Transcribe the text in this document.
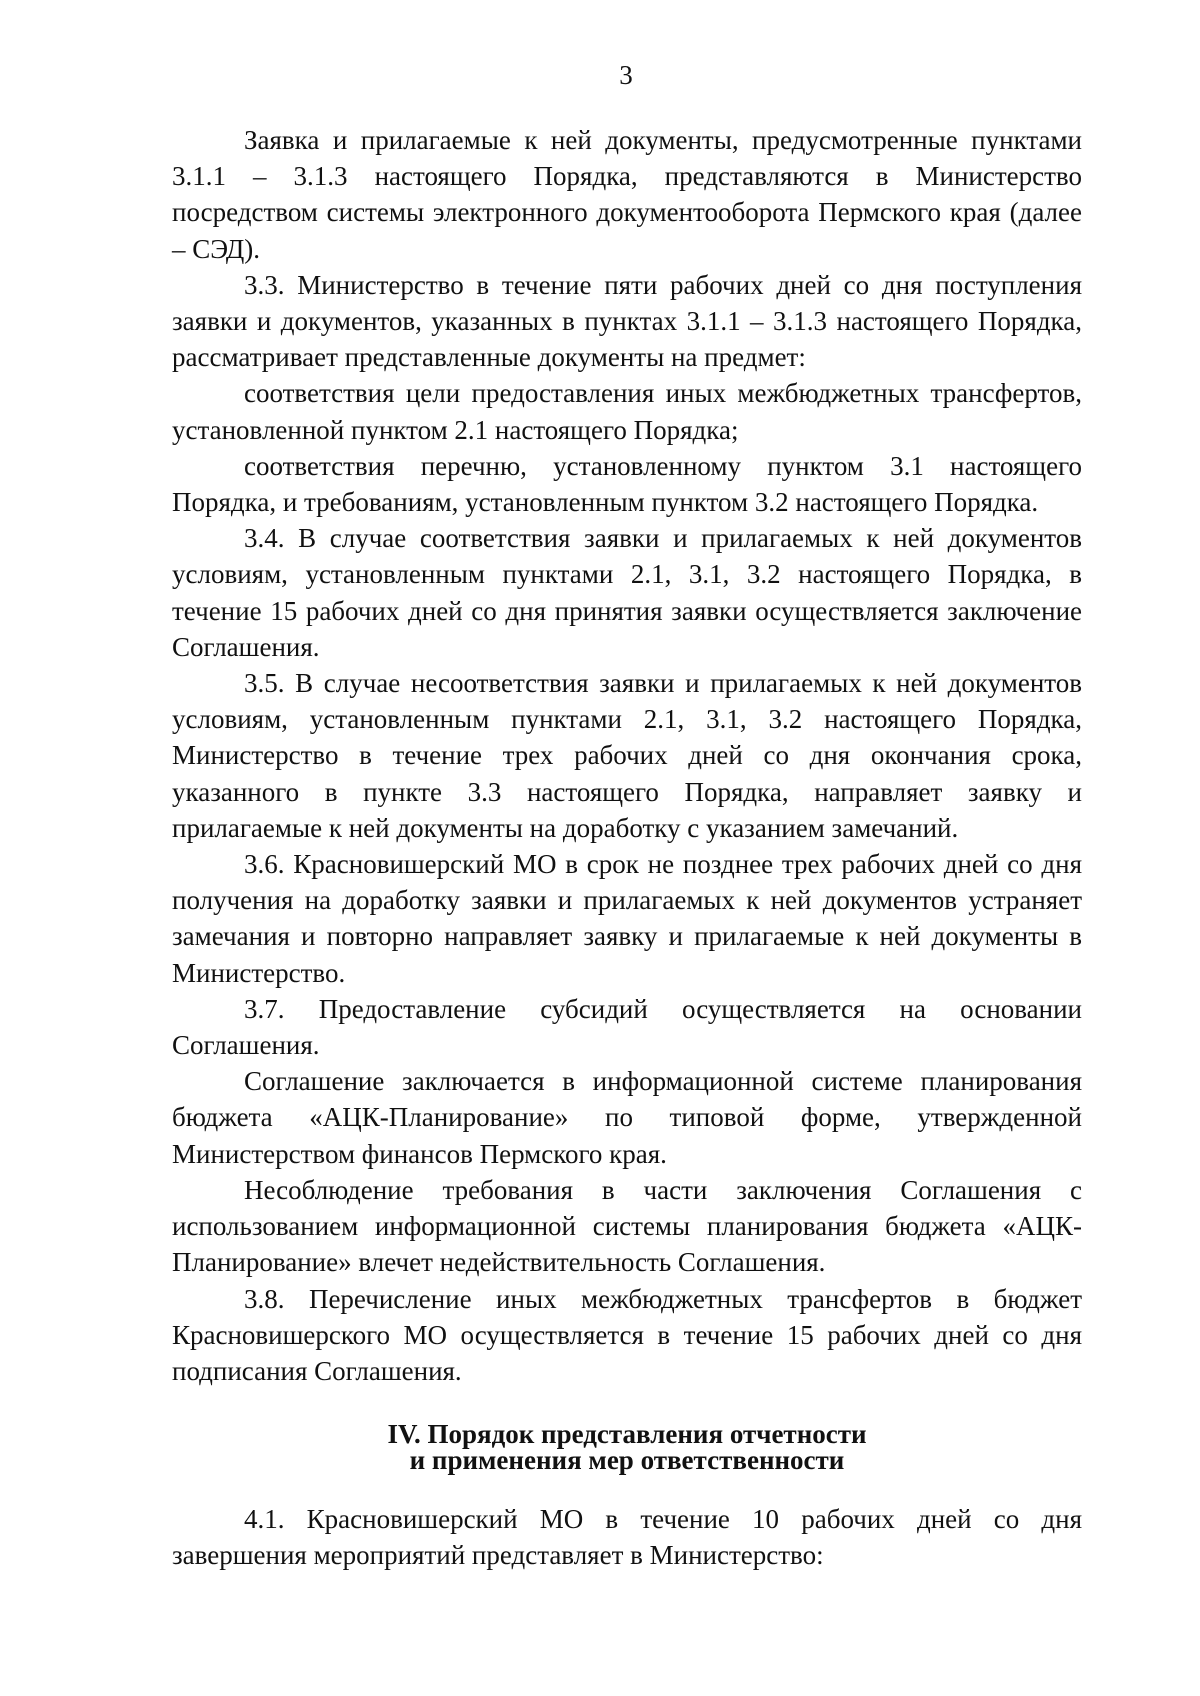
3

Заявка и прилагаемые к ней документы, предусмотренные пунктами 3.1.1 – 3.1.3 настоящего Порядка, представляются в Министерство посредством системы электронного документооборота Пермского края (далее – СЭД).

3.3. Министерство в течение пяти рабочих дней со дня поступления заявки и документов, указанных в пунктах 3.1.1 – 3.1.3 настоящего Порядка, рассматривает представленные документы на предмет:

соответствия цели предоставления иных межбюджетных трансфертов, установленной пунктом 2.1 настоящего Порядка;

соответствия перечню, установленному пунктом 3.1 настоящего Порядка, и требованиям, установленным пунктом 3.2 настоящего Порядка.

3.4. В случае соответствия заявки и прилагаемых к ней документов условиям, установленным пунктами 2.1, 3.1, 3.2 настоящего Порядка, в течение 15 рабочих дней со дня принятия заявки осуществляется заключение Соглашения.

3.5. В случае несоответствия заявки и прилагаемых к ней документов условиям, установленным пунктами 2.1, 3.1, 3.2 настоящего Порядка, Министерство в течение трех рабочих дней со дня окончания срока, указанного в пункте 3.3 настоящего Порядка, направляет заявку и прилагаемые к ней документы на доработку с указанием замечаний.

3.6. Красновишерский МО в срок не позднее трех рабочих дней со дня получения на доработку заявки и прилагаемых к ней документов устраняет замечания и повторно направляет заявку и прилагаемые к ней документы в Министерство.

3.7. Предоставление субсидий осуществляется на основании Соглашения.

Соглашение заключается в информационной системе планирования бюджета «АЦК-Планирование» по типовой форме, утвержденной Министерством финансов Пермского края.

Несоблюдение требования в части заключения Соглашения с использованием информационной системы планирования бюджета «АЦК-Планирование» влечет недействительность Соглашения.

3.8. Перечисление иных межбюджетных трансфертов в бюджет Красновишерского МО осуществляется в течение 15 рабочих дней со дня подписания Соглашения.

IV. Порядок представления отчетности
и применения мер ответственности

4.1. Красновишерский МО в течение 10 рабочих дней со дня завершения мероприятий представляет в Министерство:
